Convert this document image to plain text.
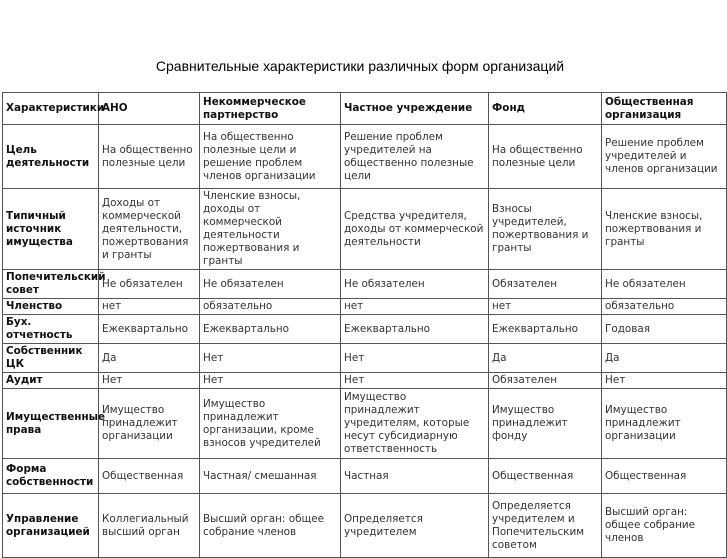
Сравнительные характеристики различных форм организаций
Характеристики	АНО	Некоммерческое партнерство	Частное учреждение	Фонд	Общественная организация
Цель деятельности	На общественно полезные цели	На общественно полезные цели и решение проблем членов организации	Решение проблем учредителей на общественно полезные цели	На общественно полезные цели	Решение проблем учредителей и членов организации
Типичный источник имущества	Доходы от коммерческой деятельности, пожертвования и гранты	Членские взносы, доходы от коммерческой деятельности пожертвования и гранты	Средства учредителя, доходы от коммерческой деятельности	Взносы учредителей, пожертвования и гранты	Членские взносы, пожертвования и гранты
Попечительский совет	Не обязателен	Не обязателен	Не обязателен	Обязателен	Не обязателен
Членство	нет	обязательно	нет	нет	обязательно
Бух. отчетность	Ежеквартально	Ежеквартально	Ежеквартально	Ежеквартально	Годовая
Собственник ЦК	Да	Нет	Нет	Да	Да
Аудит	Нет	Нет	Нет	Обязателен	Нет
Имущественные права	Имущество принадлежит организации	Имущество принадлежит организации, кроме взносов учредителей	Имущество принадлежит учредителям, которые несут субсидиарную ответственность	Имущество принадлежит фонду	Имущество принадлежит организации
Форма собственности	Общественная	Частная/ смешанная	Частная	Общественная	Общественная
Управление организацией	Коллегиальный высший орган	Высший орган: общее собрание членов	Определяется учредителем	Определяется учредителем и Попечительским советом	Высший орган: общее собрание членов
